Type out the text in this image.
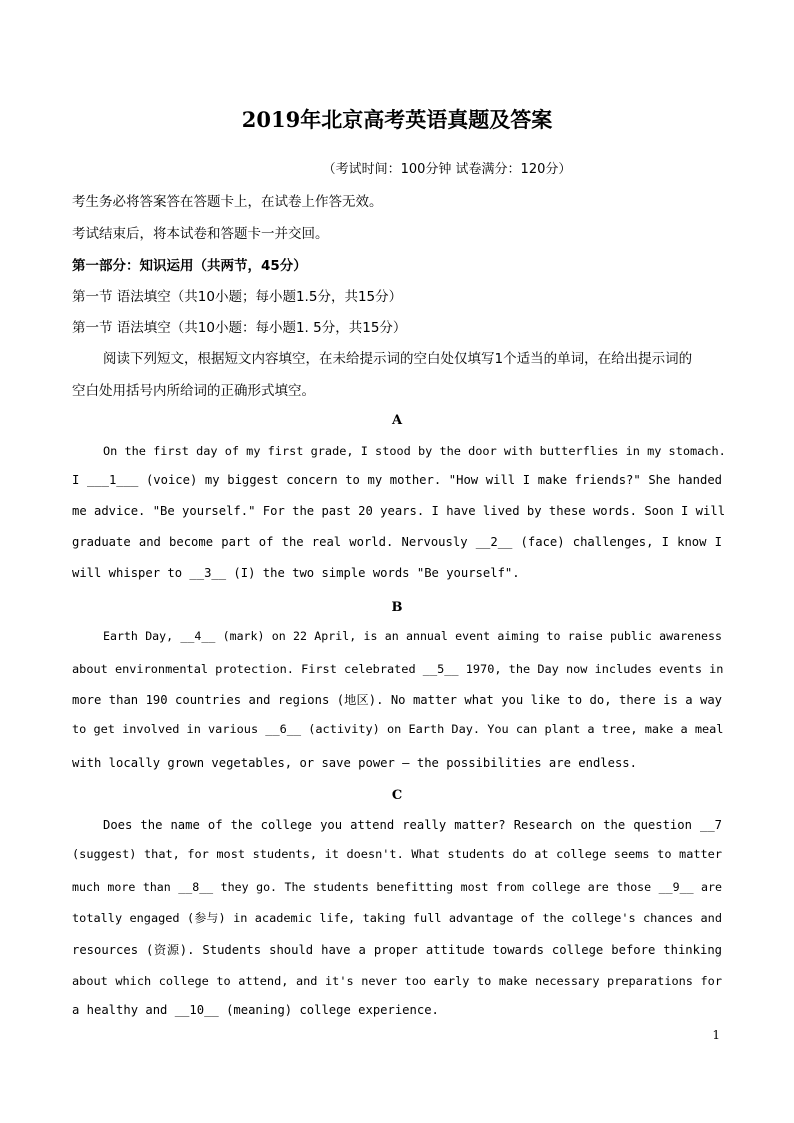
2019年北京高考英语真题及答案
（考试时间：100分钟 试卷满分：120分）
考生务必将答案答在答题卡上，在试卷上作答无效。
考试结束后，将本试卷和答题卡一并交回。
第一部分：知识运用（共两节，45分）
第一节 语法填空（共10小题；每小题1.5分，共15分）
第一节 语法填空（共10小题：每小题1. 5分，共15分）
阅读下列短文，根据短文内容填空，在未给提示词的空白处仅填写1个适当的单词，在给出提示词的
空白处用括号内所给词的正确形式填空。
A
On the first day of my first grade, I stood by the door with butterflies in my stomach.
I ___1___ (voice) my biggest concern to my mother. "How will I make friends?" She handed
me advice. "Be yourself." For the past 20 years. I have lived by these words. Soon I will
graduate and become part of the real world. Nervously __2__ (face) challenges, I know I
will whisper to __3__ (I) the two simple words "Be yourself".
B
Earth Day, __4__ (mark) on 22 April, is an annual event aiming to raise public awareness
about environmental protection. First celebrated __5__ 1970, the Day now includes events in
more than 190 countries and regions (地区). No matter what you like to do, there is a way
to get involved in various __6__ (activity) on Earth Day. You can plant a tree, make a meal
with locally grown vegetables, or save power — the possibilities are endless.
C
Does the name of the college you attend really matter? Research on the question __7
(suggest) that, for most students, it doesn't. What students do at college seems to matter
much more than __8__ they go. The students benefitting most from college are those __9__ are
totally engaged (参与) in academic life, taking full advantage of the college's chances and
resources (资源). Students should have a proper attitude towards college before thinking
about which college to attend, and it's never too early to make necessary preparations for
a healthy and __10__ (meaning) college experience.
1
